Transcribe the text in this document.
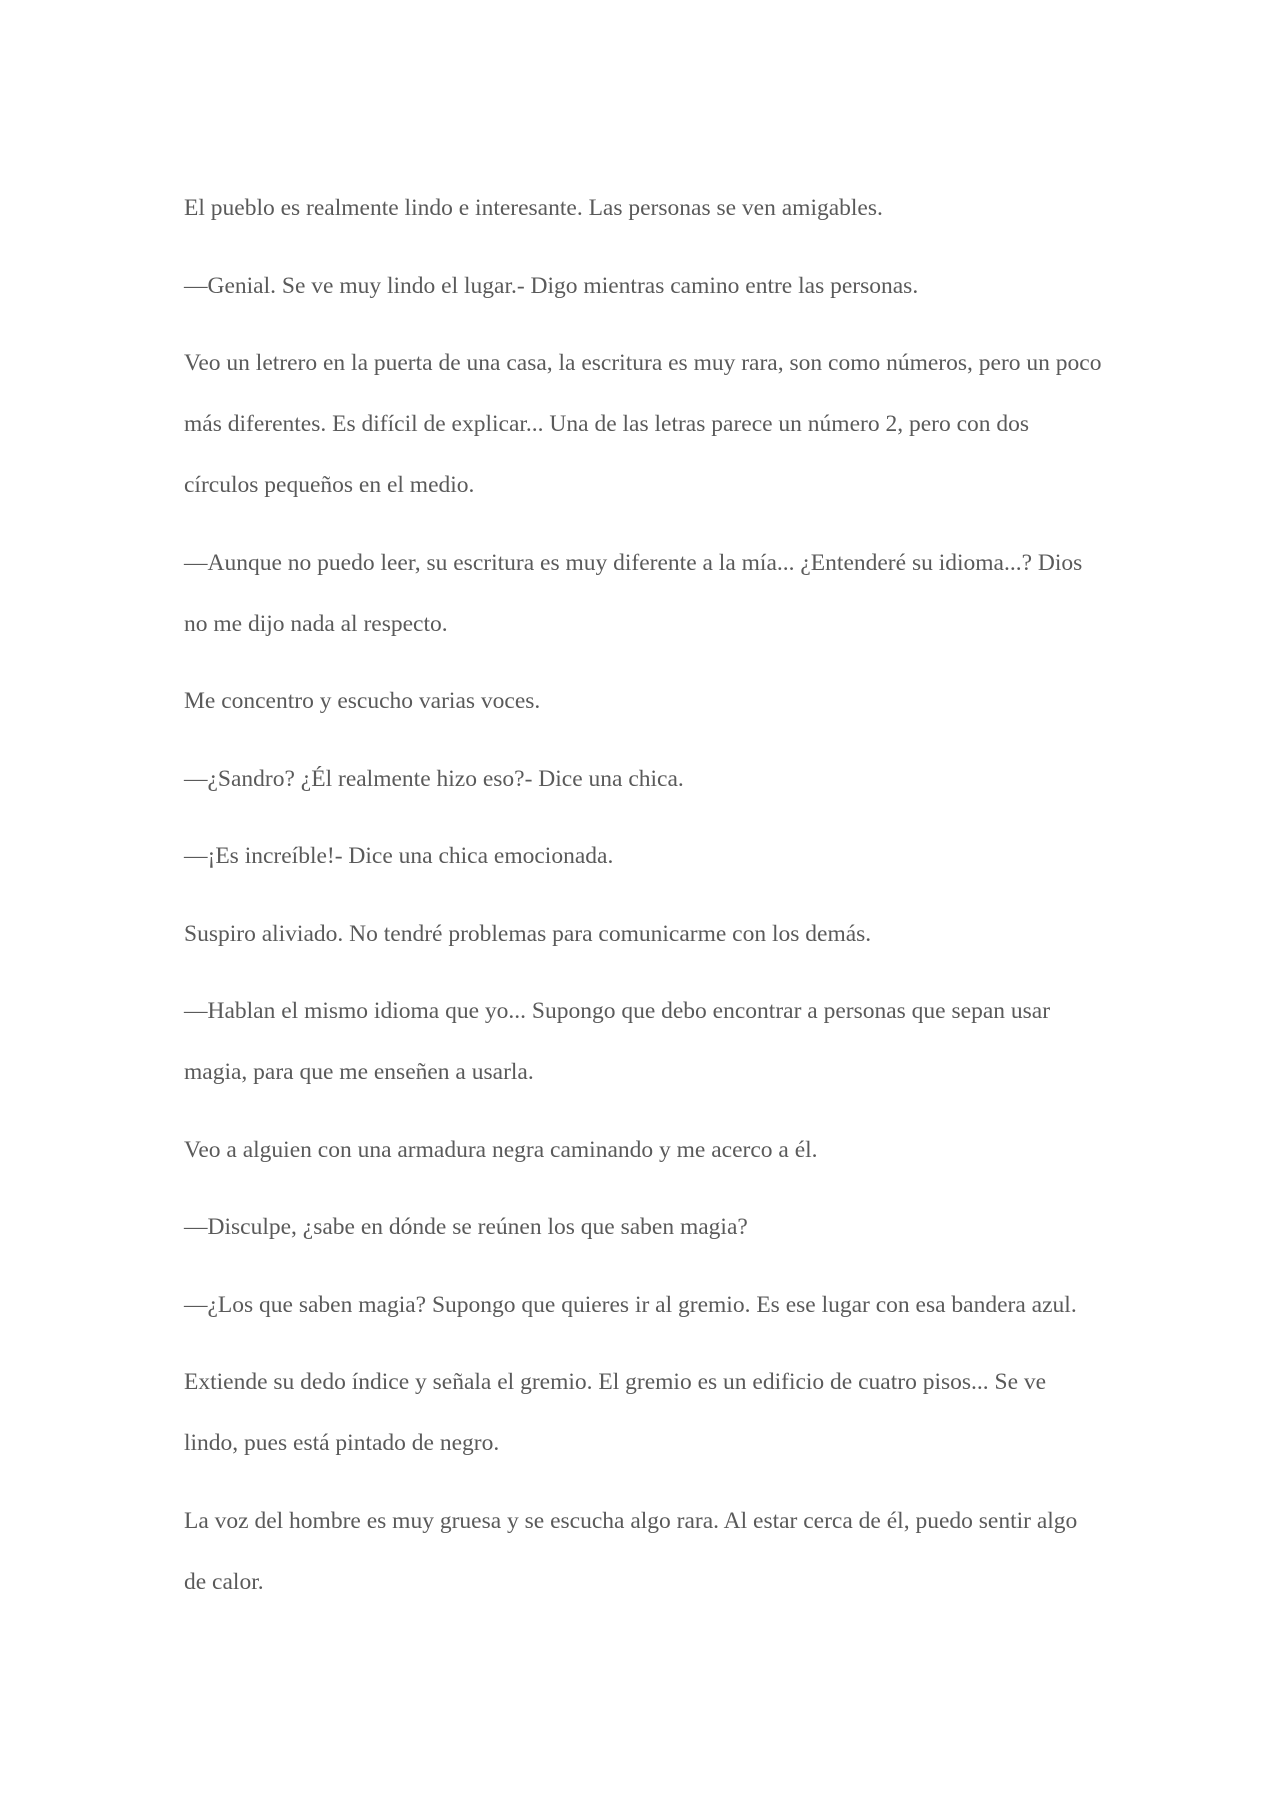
El pueblo es realmente lindo e interesante. Las personas se ven amigables.

—Genial. Se ve muy lindo el lugar.- Digo mientras camino entre las personas.

Veo un letrero en la puerta de una casa, la escritura es muy rara, son como números, pero un poco más diferentes. Es difícil de explicar... Una de las letras parece un número 2, pero con dos círculos pequeños en el medio.

—Aunque no puedo leer, su escritura es muy diferente a la mía... ¿Entenderé su idioma...? Dios no me dijo nada al respecto.

Me concentro y escucho varias voces.

—¿Sandro? ¿Él realmente hizo eso?- Dice una chica.

—¡Es increíble!- Dice una chica emocionada.

Suspiro aliviado. No tendré problemas para comunicarme con los demás.

—Hablan el mismo idioma que yo... Supongo que debo encontrar a personas que sepan usar magia, para que me enseñen a usarla.

Veo a alguien con una armadura negra caminando y me acerco a él.

—Disculpe, ¿sabe en dónde se reúnen los que saben magia?

—¿Los que saben magia? Supongo que quieres ir al gremio. Es ese lugar con esa bandera azul.

Extiende su dedo índice y señala el gremio. El gremio es un edificio de cuatro pisos... Se ve lindo, pues está pintado de negro.

La voz del hombre es muy gruesa y se escucha algo rara. Al estar cerca de él, puedo sentir algo de calor.
